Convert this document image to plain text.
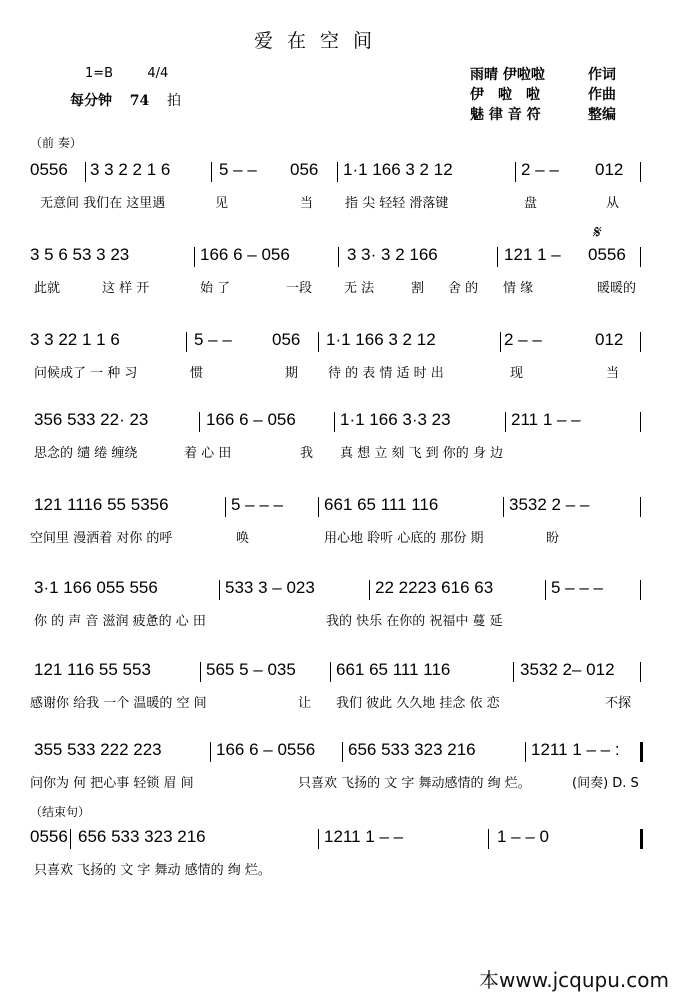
爱在空间
1=B	4/4
每分钟 74 拍
雨晴 伊啦啦	作词
伊　啦　啦	作曲
魅 律 音 符	整编
（前 奏）
（结束句）
𝄋
0556 3 3 2 2 1 6	5 – – 056 1·1 166 3 2 12	2 – – 012
无意间 我们在 这里遇	见	当 指 尖 轻轻 滑落键	盘	从
3 5 6 53 3 23	166 6 – 056	3 3· 3 2 166	121 1 – 0556
此就	这 样 开	始 了	一段 无 法	割 舍 的 情 缘	暖暖的
3 3 22 1 1 6	5 – – 056 1·1 166 3 2 12	2 – –	012
问候成了 一 种 习	惯	期 待 的 表 情 适 时 出	现	当
356 533 22· 23	166 6 – 056	1·1 166 3·3 23	211 1 – –
思念的 缱 绻 缠绕	着 心 田	我 真 想 立 刻 飞 到 你的 身 边
121 1116 55 5356	5 – – – 661 65 111 116	3532 2 – –
空间里 漫洒着 对你 的呼	唤	用心地 聆听 心底的 那份 期	盼
3·1 166 055 556	533 3 – 023	22 2223 616 63	5 – – –
你 的 声 音 滋润 疲惫的 心 田	我的 快乐 在你的 祝福中 蔓 延
121 116 55 553	565 5 – 035 661 65 111 116	3532 2– 012
感谢你 给我 一个 温暖的 空 间	让 我们 彼此 久久地 挂念 依 恋	不探
355 533 222 223	166 6 – 0556 656 533 323 216	1211 1 – – :
问你为 何 把心事 轻锁 眉 间	只喜欢 飞扬的 文 字 舞动感情的 绚 烂。	(间奏) D. S
0556 656 533 323 216	1211 1 – –	1 – – 0
只喜欢 飞扬的 文 字 舞动 感情的 绚 烂。
本www.jcqupu.com
